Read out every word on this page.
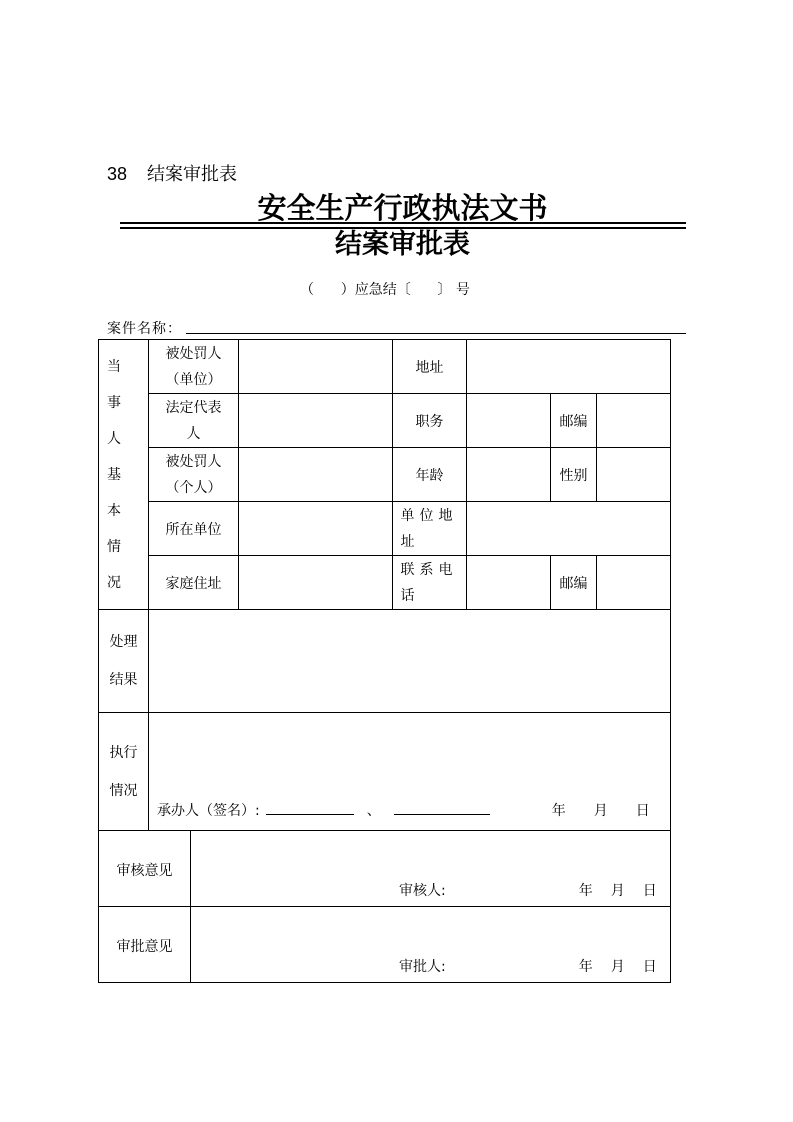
38 结案审批表
安全生产行政执法文书
结案审批表
（      ）应急结〔      〕 号
案件名称：
当事人基本情况	被处罚人（单位）			地址			

	法定代表人			职务		邮编	

	被处罚人（个人）			年龄		性别	
	所在单位			单位地址			

	家庭住址			联系电话		邮编	

处理结果							

执行情况	承办人（签名）: 、 年 月 日						
审核意见		审核人: 年 月 日					
审批意见		审批人: 年 月 日					
